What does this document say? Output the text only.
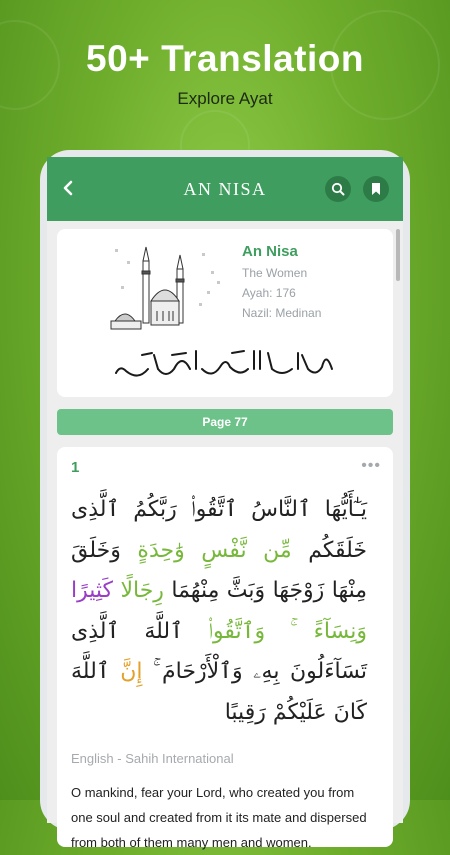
50+ Translation
Explore Ayat
AN NISA
An Nisa
The Women
Ayah: 176
Nazil: Medinan
Page 77
1	•••
يَـٰٓأَيُّهَا ٱلنَّاسُ ٱتَّقُوا۟ رَبَّكُمُ ٱلَّذِى خَلَقَكُم مِّن نَّفْسٍ وَٰحِدَةٍ وَخَلَقَ مِنْهَا زَوْجَهَا وَبَثَّ مِنْهُمَا رِجَالًا كَثِيرًا وَنِسَآءً ۚ وَٱتَّقُوا۟ ٱللَّهَ ٱلَّذِى تَسَآءَلُونَ بِهِۦ وَٱلْأَرْحَامَ ۚ إِنَّ ٱللَّهَ كَانَ عَلَيْكُمْ رَقِيبًا
English - Sahih International
O mankind, fear your Lord, who created you from one soul and created from it its mate and dispersed from both of them many men and women.
